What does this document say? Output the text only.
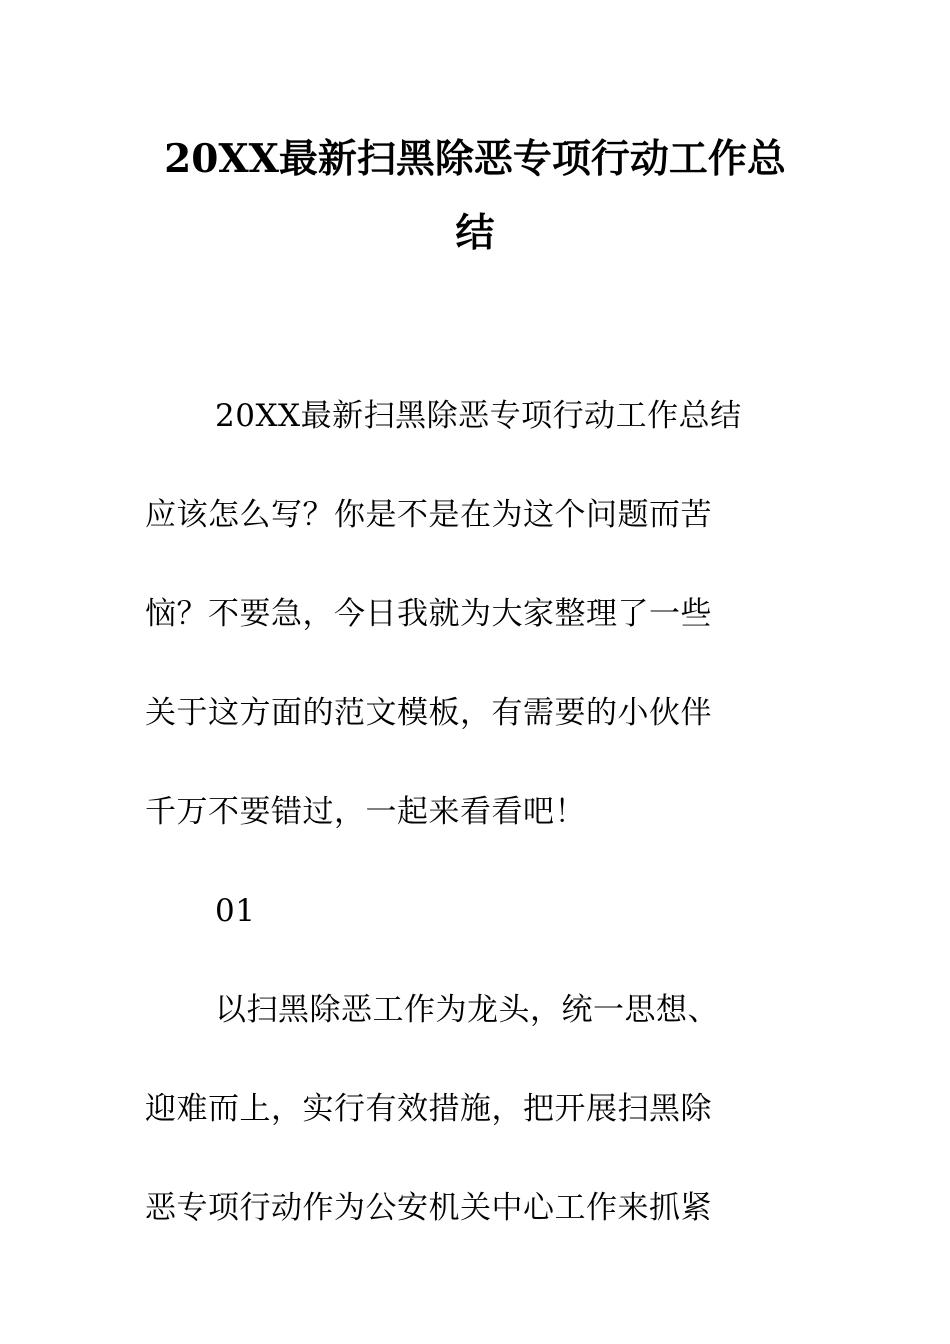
20XX最新扫黑除恶专项行动工作总
结

20XX最新扫黑除恶专项行动工作总结
应该怎么写？你是不是在为这个问题而苦
恼？不要急，今日我就为大家整理了一些
关于这方面的范文模板，有需要的小伙伴
千万不要错过，一起来看看吧！

01

以扫黑除恶工作为龙头，统一思想、
迎难而上，实行有效措施，把开展扫黑除
恶专项行动作为公安机关中心工作来抓紧
